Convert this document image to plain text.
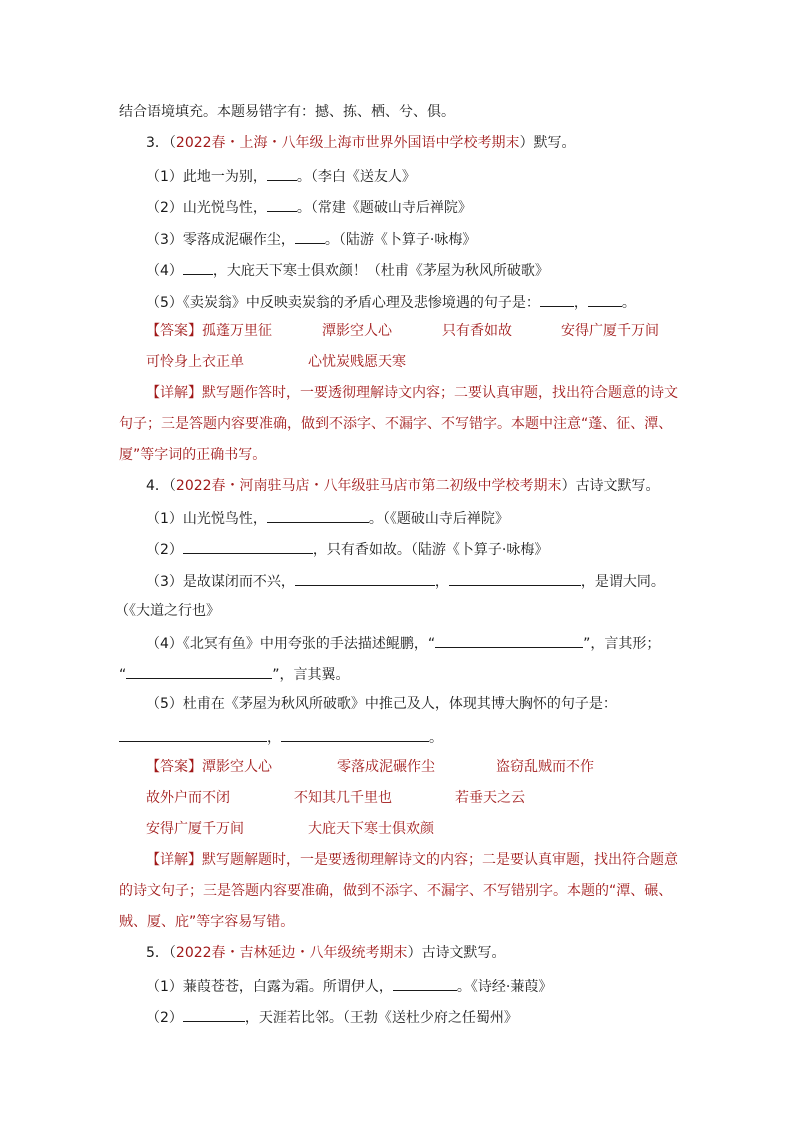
结合语境填充。本题易错字有：撼、拣、栖、兮、俱。
3．（2022春・上海・八年级上海市世界外国语中学校考期末）默写。
（1）此地一为别， 。（李白《送友人》
（2）山光悦鸟性， 。（常建《题破山寺后禅院》
（3）零落成泥碾作尘， 。（陆游《卜算子·咏梅》
（4） ，大庇天下寒士俱欢颜！（杜甫《茅屋为秋风所破歌》
（5）《卖炭翁》中反映卖炭翁的矛盾心理及悲惨境遇的句子是： ， 。
【答案】 孤蓬万里征	潭影空人心	只有香如故	安得广厦千万间
可怜身上衣正单	心忧炭贱愿天寒
【详解】默写题作答时，一要透彻理解诗文内容；二要认真审题，找出符合题意的诗文
句子；三是答题内容要准确，做到不添字、不漏字、不写错字。本题中注意“蓬、征、潭、
厦”等字词的正确书写。
4．（2022春・河南驻马店・八年级驻马店市第二初级中学校考期末）古诗文默写。
（1）山光悦鸟性，	。（《题破山寺后禅院》
（2）	，只有香如故。（陆游《卜算子·咏梅》
（3）是故谋闭而不兴，	，	，是谓大同。
（《大道之行也》
（4）《北冥有鱼》中用夸张的手法描述鲲鹏，“	”，言其形；
“	”，言其翼。
（5）杜甫在《茅屋为秋风所破歌》中推己及人，体现其博大胸怀的句子是：
，	。
【答案】 潭影空人心	零落成泥碾作尘	盗窃乱贼而不作
故外户而不闭	不知其几千里也	若垂天之云
安得广厦千万间	大庇天下寒士俱欢颜
【详解】默写题解题时，一是要透彻理解诗文的内容；二是要认真审题，找出符合题意
的诗文句子；三是答题内容要准确，做到不添字、不漏字、不写错别字。本题的“潭、碾、
贼、厦、庇”等字容易写错。
5．（2022春・吉林延边・八年级统考期末）古诗文默写。
（1）蒹葭苍苍，白露为霜。所谓伊人，	。《诗经·蒹葭》
（2）	，天涯若比邻。（王勃《送杜少府之任蜀州》
